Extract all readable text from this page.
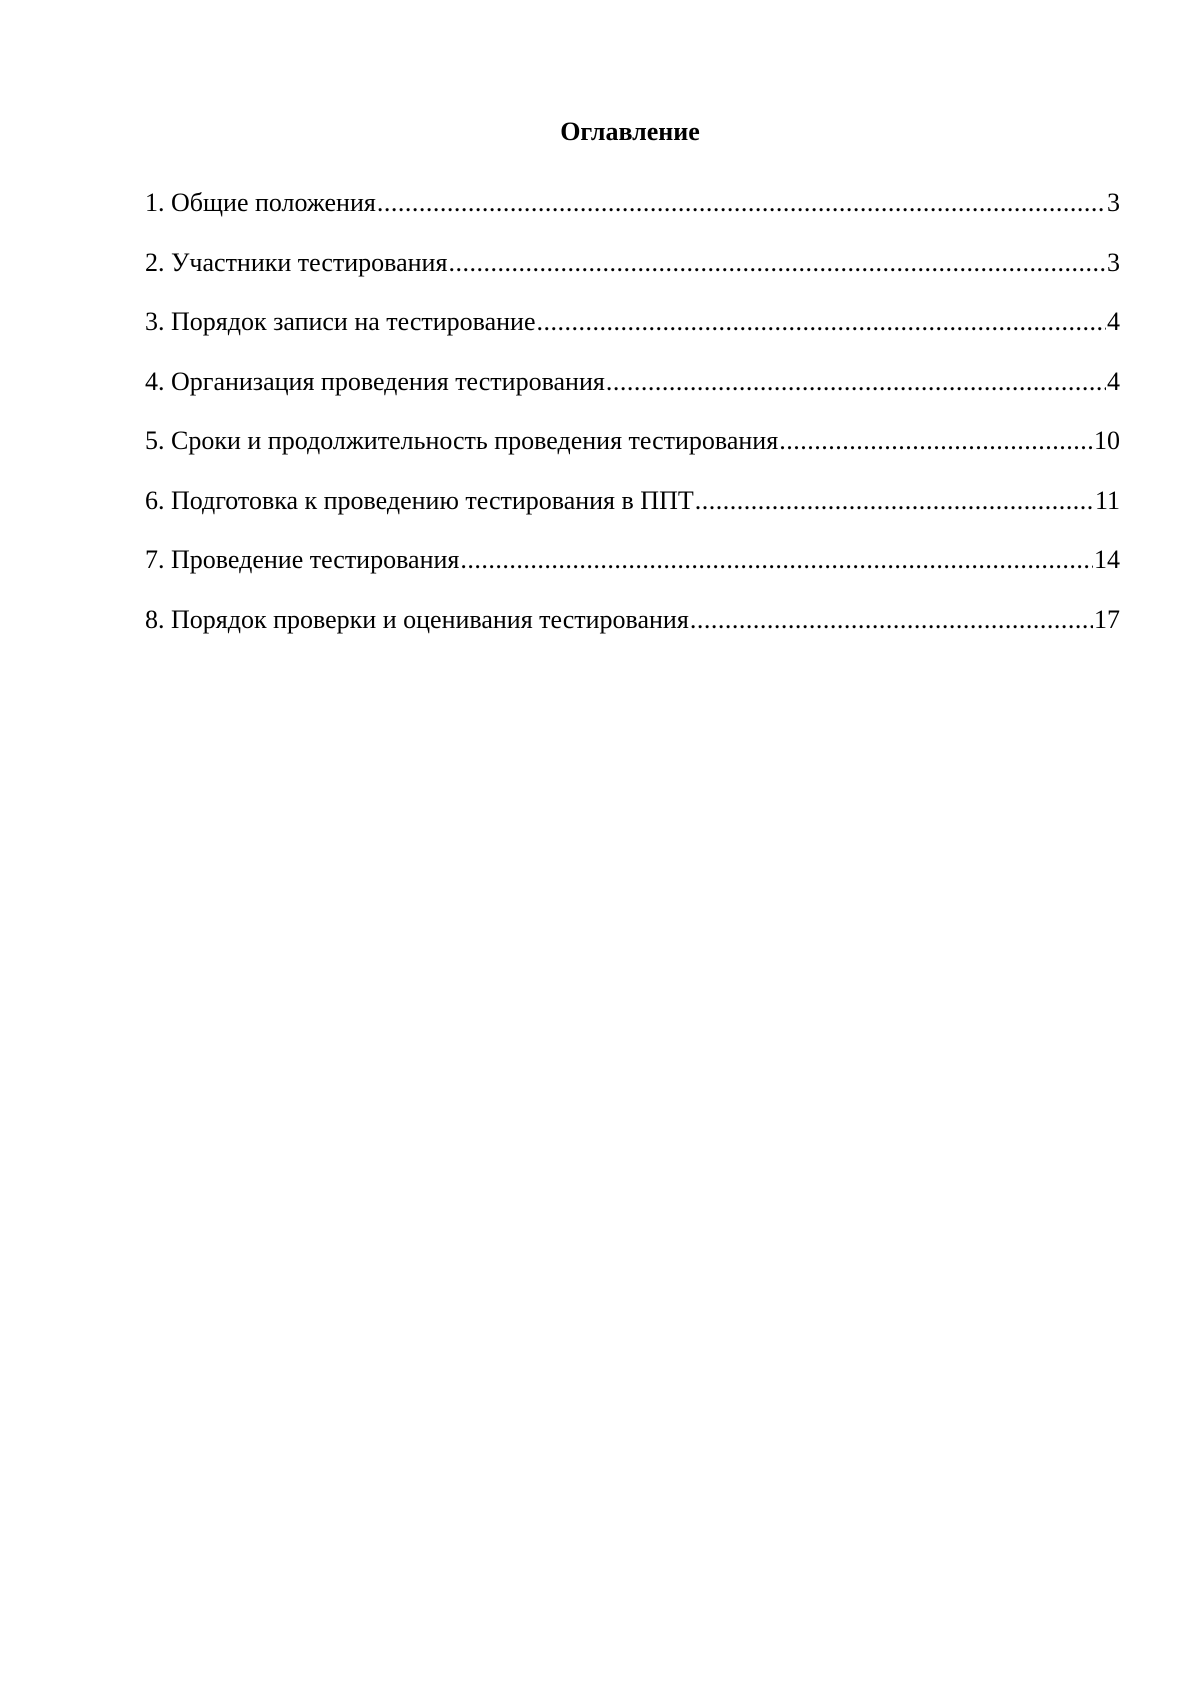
Оглавление
1. Общие положения .....	3
2. Участники тестирования .....	3
3. Порядок записи на тестирование .....	4
4. Организация проведения тестирования .....	4
5. Сроки и продолжительность проведения тестирования .....	10
6. Подготовка к проведению тестирования в ППТ .....	11
7. Проведение тестирования .....	14
8. Порядок проверки и оценивания тестирования .....	17
